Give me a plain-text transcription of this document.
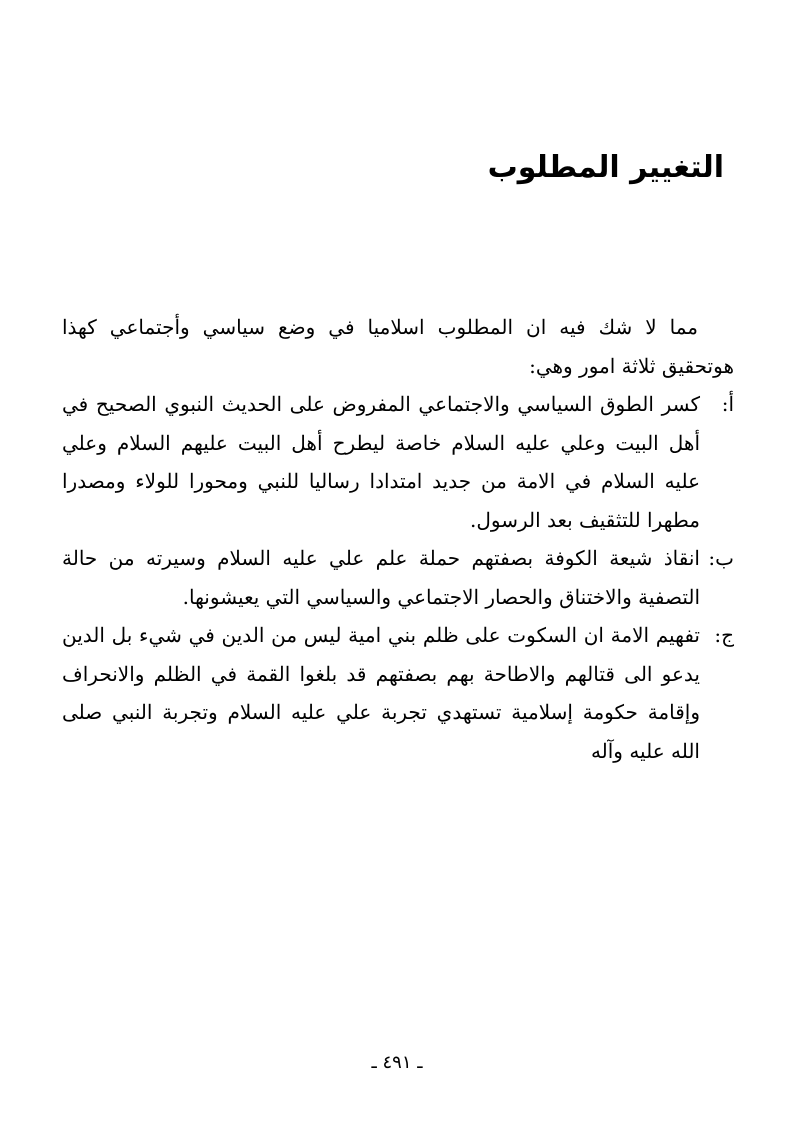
التغيير المطلوب

مما لا شك فيه ان المطلوب اسلاميا في وضع سياسي وأجتماعي كهذا هوتحقيق ثلاثة امور وهي:

أ:كسر الطوق السياسي والاجتماعي المفروض على الحديث النبوي الصحيح في أهل البيت وعلي عليه السلام خاصة ليطرح أهل البيت عليهم السلام وعلي عليه السلام في الامة من جديد امتدادا رساليا للنبي ومحورا للولاء ومصدرا مطهرا للتثقيف بعد الرسول.

ب:انقاذ شيعة الكوفة بصفتهم حملة علم علي عليه السلام وسيرته من حالة التصفية والاختناق والحصار الاجتماعي والسياسي التي يعيشونها.

ج:تفهيم الامة ان السكوت على ظلم بني امية ليس من الدين في شيء بل الدين يدعو الى قتالهم والاطاحة بهم بصفتهم قد بلغوا القمة في الظلم والانحراف وإقامة حكومة إسلامية تستهدي تجربة علي عليه السلام وتجربة النبي صلى الله عليه وآله

ـ ٤٩١ ـ
